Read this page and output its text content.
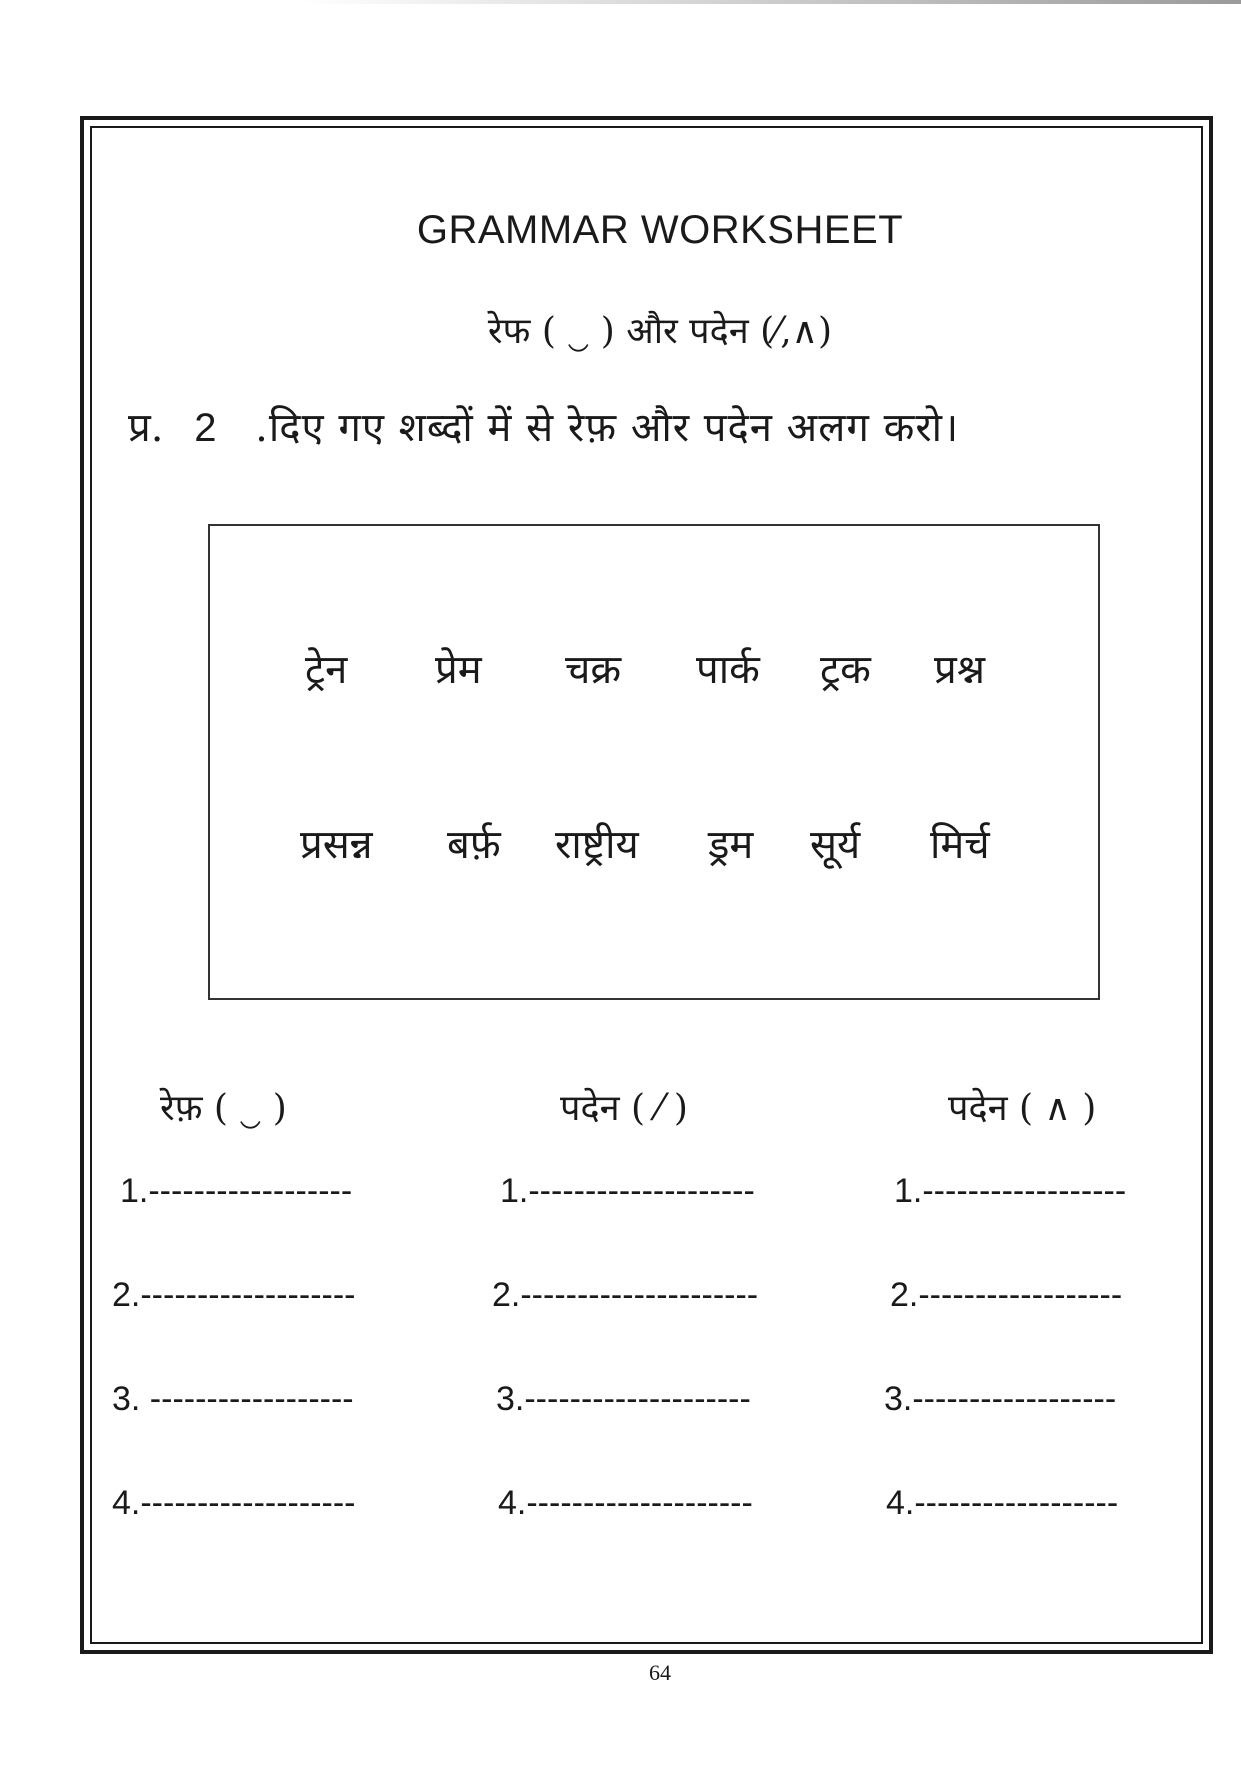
GRAMMAR WORKSHEET
रेफ ( ‿ ) और पदेन (⁄,∧)
प्र. 2 .दिए गए शब्दों में से रेफ़ और पदेन अलग करो।
ट्रेन प्रेम चक्र पार्क ट्रक प्रश्न
प्रसन्न बर्फ़ राष्ट्रीय ड्रम सूर्य मिर्च
रेफ़ ( ‿ )	पदेन ( ⁄ )	पदेन ( ∧ )
1.------------------
2.-------------------
3. ------------------
4.-------------------
1.--------------------
2.---------------------
3.--------------------
4.--------------------
1.------------------
2.------------------
3.------------------
4.------------------
64
